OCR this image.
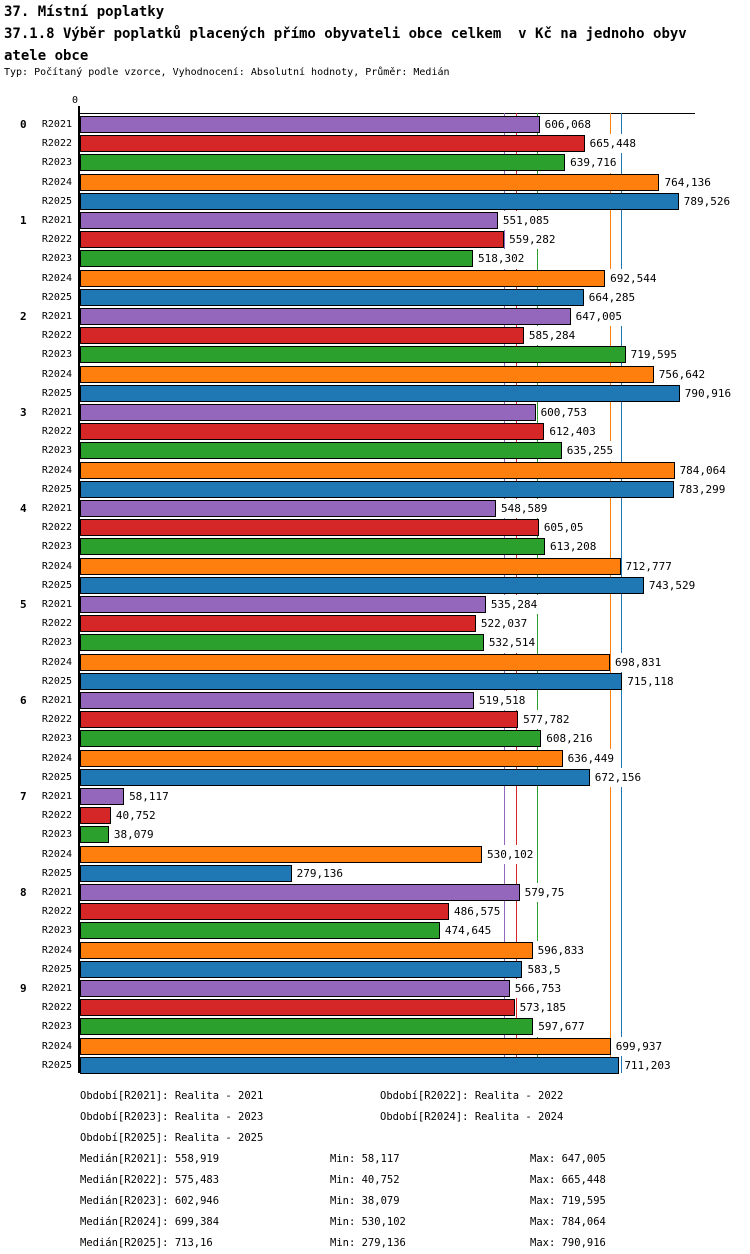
37. Místní poplatky
37.1.8 Výběr poplatků placených přímo obyvateli obce celkem  v Kč na jednoho obyv
atele obce
Typ: Počítaný podle vzorce, Vyhodnocení: Absolutní hodnoty, Průměr: Medián
0
0	R2021	606,068
R2022	665,448
R2023	639,716
R2024	764,136
R2025	789,526
1	R2021	551,085
R2022	559,282
R2023	518,302
R2024	692,544
R2025	664,285
2	R2021	647,005
R2022	585,284
R2023	719,595
R2024	756,642
R2025	790,916
3	R2021	600,753
R2022	612,403
R2023	635,255
R2024	784,064
R2025	783,299
4	R2021	548,589
R2022	605,05
R2023	613,208
R2024	712,777
R2025	743,529
5	R2021	535,284
R2022	522,037
R2023	532,514
R2024	698,831
R2025	715,118
6	R2021	519,518
R2022	577,782
R2023	608,216
R2024	636,449
R2025	672,156
7	R2021	58,117
R2022	40,752
R2023	38,079
R2024	530,102
R2025	279,136
8	R2021	579,75
R2022	486,575
R2023	474,645
R2024	596,833
R2025	583,5
9	R2021	566,753
R2022	573,185
R2023	597,677
R2024	699,937
R2025	711,203
Období[R2021]: Realita - 2021	Období[R2022]: Realita - 2022
Období[R2023]: Realita - 2023	Období[R2024]: Realita - 2024
Období[R2025]: Realita - 2025
Medián[R2021]: 558,919	Min: 58,117	Max: 647,005
Medián[R2022]: 575,483	Min: 40,752	Max: 665,448
Medián[R2023]: 602,946	Min: 38,079	Max: 719,595
Medián[R2024]: 699,384	Min: 530,102	Max: 784,064
Medián[R2025]: 713,16	Min: 279,136	Max: 790,916
